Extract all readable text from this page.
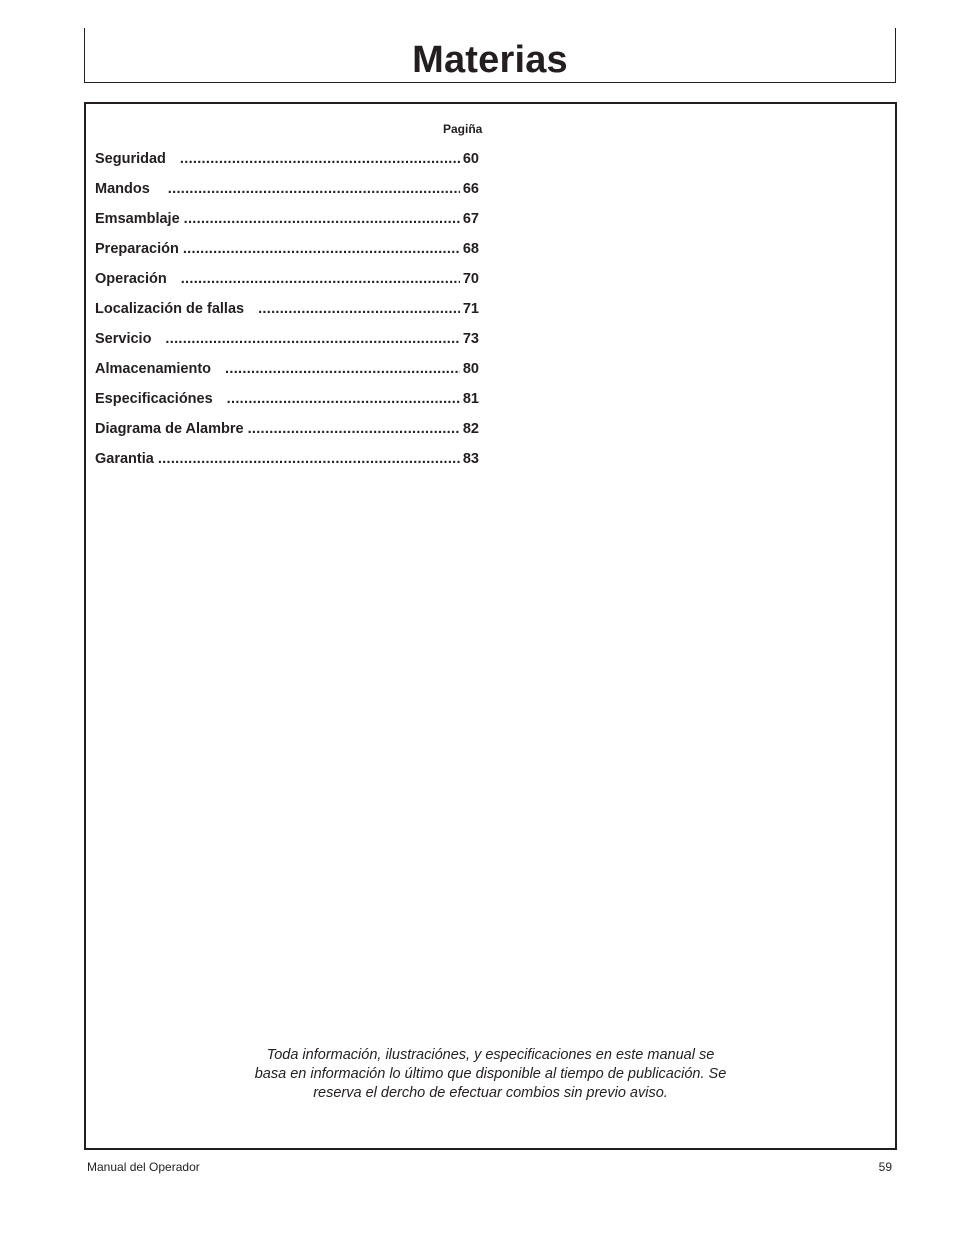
Materias
Pagiña
Seguridad .....	60
Mandos .....	66
Emsamblaje .....	67
Preparación .....	68
Operación .....	70
Localización de fallas .....	71
Servicio .....	73
Almacenamiento .....	80
Especificaciónes .....	81
Diagrama de Alambre .....	82
Garantia .....	83

Toda información, ilustraciónes, y especificaciones en este manual se
basa en información lo último que disponible al tiempo de publicación. Se
reserva el dercho de efectuar combios sin previo aviso.

Manual del Operador	59
